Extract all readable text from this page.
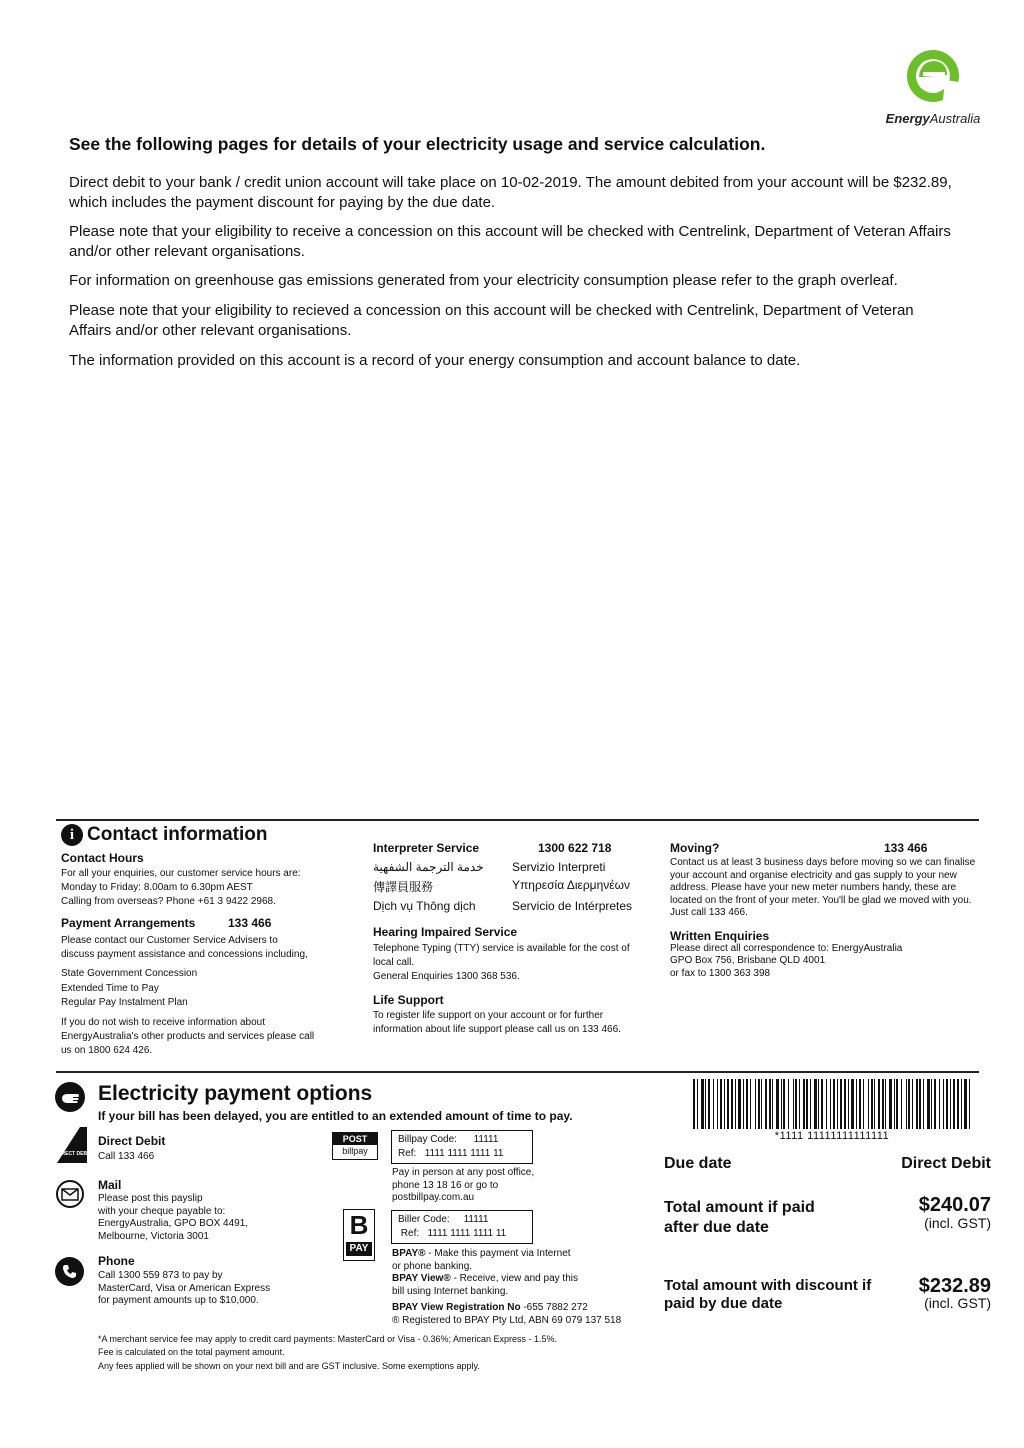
EnergyAustralia
See the following pages for details of your electricity usage and service calculation.
Direct debit to your bank / credit union account will take place on 10-02-2019. The amount debited from your account will be $232.89, which includes the payment discount for paying by the due date.
Please note that your eligibility to receive a concession on this account will be checked with Centrelink, Department of Veteran Affairs and/or other relevant organisations.
For information on greenhouse gas emissions generated from your electricity consumption please refer to the graph overleaf.
Please note that your eligibility to recieved a concession on this account will be checked with Centrelink, Department of Veteran Affairs and/or other relevant organisations.
The information provided on this account is a record of your energy consumption and account balance to date.
i Contact information
Contact Hours
For all your enquiries, our customer service hours are:
Monday to Friday: 8.00am to 6.30pm AEST
Calling from overseas? Phone +61 3 9422 2968.
Payment Arrangements	133 466
Please contact our Customer Service Advisers to
discuss payment assistance and concessions including,
State Government Concession
Extended Time to Pay
Regular Pay Instalment Plan
If you do not wish to receive information about
EnergyAustralia's other products and services please call
us on 1800 624 426.
Interpreter Service	1300 622 718
خدمة الترجمة الشفهية	Servizio Interpreti
傳譯員服務	Υπηρεσία Διερμηνέων
Dịch vụ Thông dịch	Servicio de Intérpretes
Hearing Impaired Service
Telephone Typing (TTY) service is available for the cost of
local call.
General Enquiries 1300 368 536.
Life Support
To register life support on your account or for further
information about life support please call us on 133 466.
Moving?	133 466
Contact us at least 3 business days before moving so we can finalise
your account and organise electricity and gas supply to your new
address. Please have your new meter numbers handy, these are
located on the front of your meter. You'll be glad we moved with you.
Just call 133 466.
Written Enquiries
Please direct all correspondence to: EnergyAustralia
GPO Box 756, Brisbane QLD 4001
or fax to 1300 363 398
Electricity payment options
If your bill has been delayed, you are entitled to an extended amount of time to pay.
DIRECT DEBIT
Direct Debit
Call 133 466
Mail
Please post this payslip
with your cheque payable to:
EnergyAustralia, GPO BOX 4491,
Melbourne, Victoria 3001
Phone
Call 1300 559 873 to pay by
MasterCard, Visa or American Express
for payment amounts up to $10,000.
POST
billpay
Billpay Code: 11111
Ref: 1111 1111 1111 11
Pay in person at any post office,
phone 13 18 16 or go to
postbillpay.com.au
B
PAY
Biller Code: 11111
Ref: 1111 1111 1111 11
BPAY® - Make this payment via Internet
or phone banking.
BPAY View® - Receive, view and pay this
bill using Internet banking.
BPAY View Registration No -655 7882 272
® Registered to BPAY Pty Ltd, ABN 69 079 137 518
*A merchant service fee may apply to credit card payments: MasterCard or Visa - 0.36%; American Express - 1.5%.
Fee is calculated on the total payment amount.
Any fees applied will be shown on your next bill and are GST inclusive. Some exemptions apply.
*1111 11111111111111
Due date	Direct Debit
Total amount if paid
after due date
$240.07
(incl. GST)
Total amount with discount if
paid by due date
$232.89
(incl. GST)
